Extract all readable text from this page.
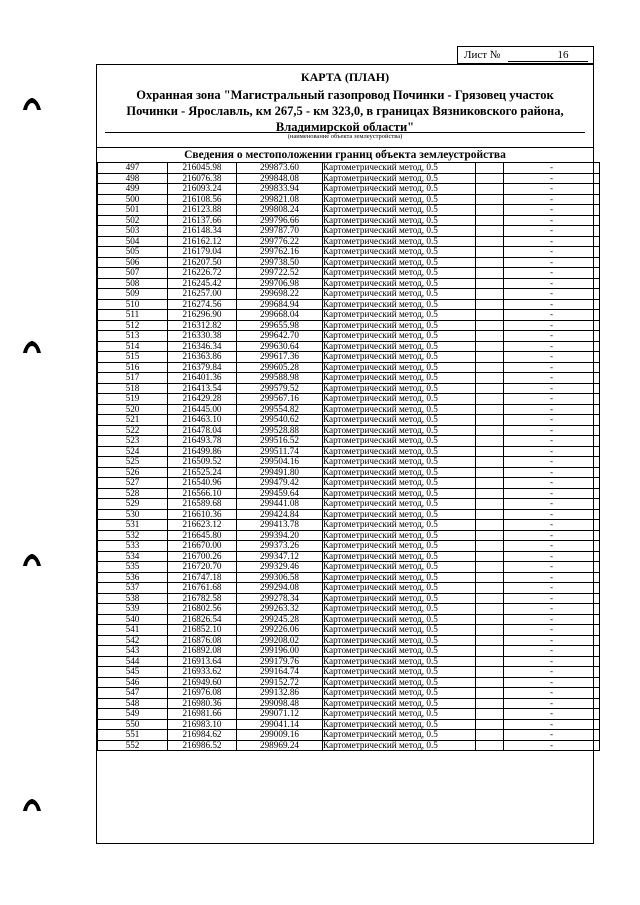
Лист №	16
КАРТА (ПЛАН)
Охранная зона "Магистральный газопровод Починки - Грязовец участок
Починки - Ярославль, км 267,5 - км 323,0, в границах Вязниковского района,
Владимирской области"
(наименование объекта землеустройства)
Сведения о местоположении границ объекта землеустройства
497	216045.98	299873.60	Картометрический метод, 0.5		-
498	216076.38	299848.08	Картометрический метод, 0.5		-
499	216093.24	299833.94	Картометрический метод, 0.5		-
500	216108.56	299821.08	Картометрический метод, 0.5		-
501	216123.88	299808.24	Картометрический метод, 0.5		-
502	216137.66	299796.66	Картометрический метод, 0.5		-
503	216148.34	299787.70	Картометрический метод, 0.5		-
504	216162.12	299776.22	Картометрический метод, 0.5		-
505	216179.04	299762.16	Картометрический метод, 0.5		-
506	216207.50	299738.50	Картометрический метод, 0.5		-
507	216226.72	299722.52	Картометрический метод, 0.5		-
508	216245.42	299706.98	Картометрический метод, 0.5		-
509	216257.00	299698.22	Картометрический метод, 0.5		-
510	216274.56	299684.94	Картометрический метод, 0.5		-
511	216296.90	299668.04	Картометрический метод, 0.5		-
512	216312.82	299655.98	Картометрический метод, 0.5		-
513	216330.38	299642.70	Картометрический метод, 0.5		-
514	216346.34	299630.64	Картометрический метод, 0.5		-
515	216363.86	299617.36	Картометрический метод, 0.5		-
516	216379.84	299605.28	Картометрический метод, 0.5		-
517	216401.36	299588.98	Картометрический метод, 0.5		-
518	216413.54	299579.52	Картометрический метод, 0.5		-
519	216429.28	299567.16	Картометрический метод, 0.5		-
520	216445.00	299554.82	Картометрический метод, 0.5		-
521	216463.10	299540.62	Картометрический метод, 0.5		-
522	216478.04	299528.88	Картометрический метод, 0.5		-
523	216493.78	299516.52	Картометрический метод, 0.5		-
524	216499.86	299511.74	Картометрический метод, 0.5		-
525	216509.52	299504.16	Картометрический метод, 0.5		-
526	216525.24	299491.80	Картометрический метод, 0.5		-
527	216540.96	299479.42	Картометрический метод, 0.5		-
528	216566.10	299459.64	Картометрический метод, 0.5		-
529	216589.68	299441.08	Картометрический метод, 0.5		-
530	216610.36	299424.84	Картометрический метод, 0.5		-
531	216623.12	299413.78	Картометрический метод, 0.5		-
532	216645.80	299394.20	Картометрический метод, 0.5		-
533	216670.00	299373.26	Картометрический метод, 0.5		-
534	216700.26	299347.12	Картометрический метод, 0.5		-
535	216720.70	299329.46	Картометрический метод, 0.5		-
536	216747.18	299306.58	Картометрический метод, 0.5		-
537	216761.68	299294.08	Картометрический метод, 0.5		-
538	216782.58	299278.34	Картометрический метод, 0.5		-
539	216802.56	299263.32	Картометрический метод, 0.5		-
540	216826.54	299245.28	Картометрический метод, 0.5		-
541	216852.10	299226.06	Картометрический метод, 0.5		-
542	216876.08	299208.02	Картометрический метод, 0.5		-
543	216892.08	299196.00	Картометрический метод, 0.5		-
544	216913.64	299179.76	Картометрический метод, 0.5		-
545	216933.62	299164.74	Картометрический метод, 0.5		-
546	216949.60	299152.72	Картометрический метод, 0.5		-
547	216976.08	299132.86	Картометрический метод, 0.5		-
548	216980.36	299098.48	Картометрический метод, 0.5		-
549	216981.66	299071.12	Картометрический метод, 0.5		-
550	216983.10	299041.14	Картометрический метод, 0.5		-
551	216984.62	299009.16	Картометрический метод, 0.5		-
552	216986.52	298969.24	Картометрический метод, 0.5		-
